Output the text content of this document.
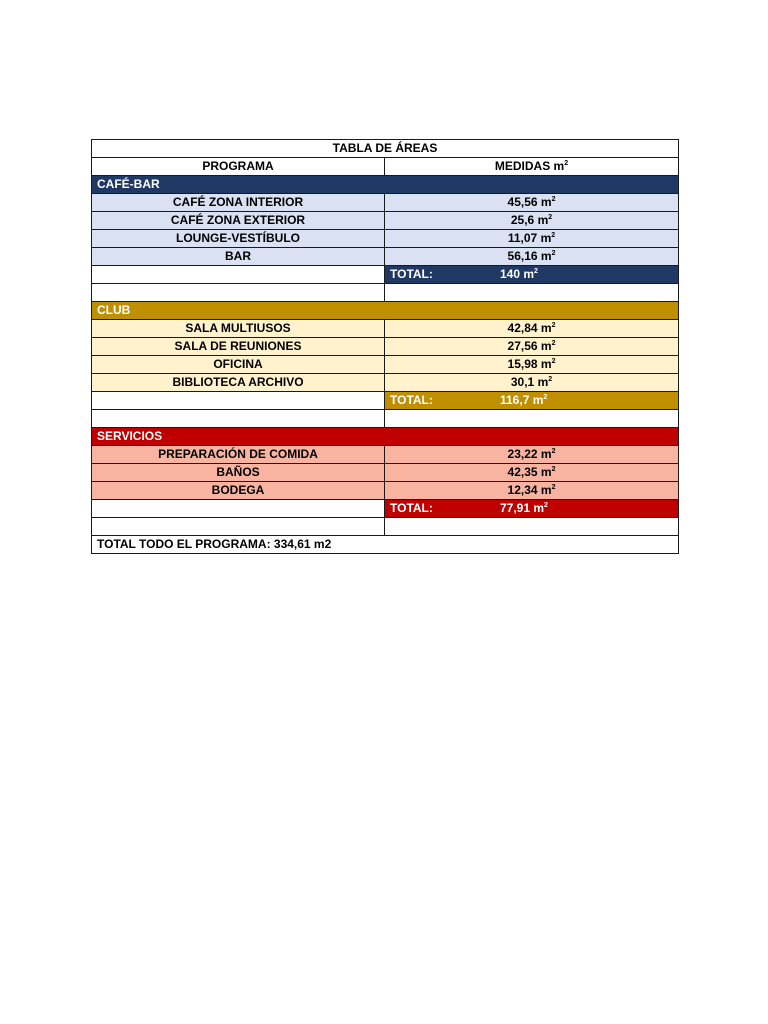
TABLA DE ÁREAS	
PROGRAMA	MEDIDAS $m^2$
CAFÉ-BAR	
CAFÉ ZONA INTERIOR	45,56 $m^2$
CAFÉ ZONA EXTERIOR	25,6 $m^2$
LOUNGE-VESTÍBULO	11,07 $m^2$
BAR	56,16 $m^2$
	TOTAL: 140 $m^2$

CLUB	
SALA MULTIUSOS	42,84 $m^2$
SALA DE REUNIONES	27,56 $m^2$
OFICINA	15,98 $m^2$
BIBLIOTECA ARCHIVO	30,1 $m^2$
	TOTAL: 116,7 $m^2$

SERVICIOS	
PREPARACIÓN DE COMIDA	23,22 $m^2$
BAÑOS	42,35 $m^2$
BODEGA	12,34 $m^2$
	TOTAL: 77,91 $m^2$

TOTAL TODO EL PROGRAMA: 334,61 m2	
